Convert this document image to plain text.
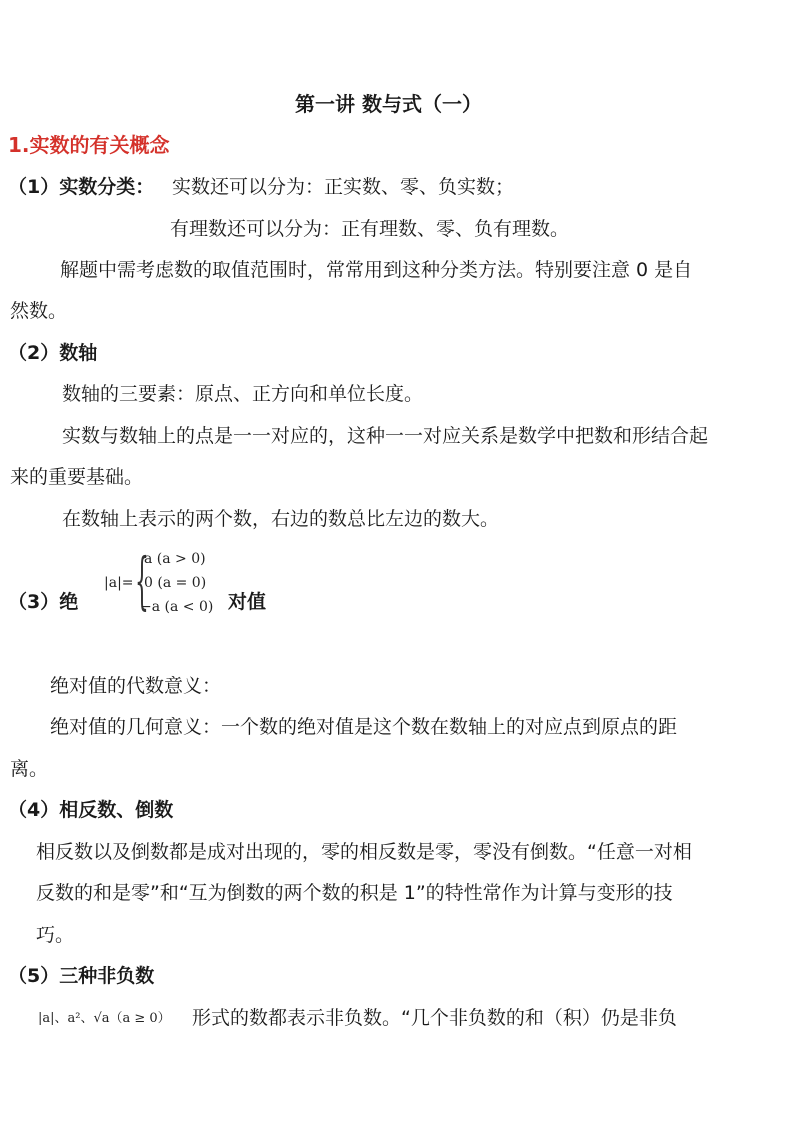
第一讲 数与式（一）
1.实数的有关概念
（1）实数分类： 实数还可以分为：正实数、零、负实数；
有理数还可以分为：正有理数、零、负有理数。
解题中需考虑数的取值范围时，常常用到这种分类方法。特别要注意 0 是自
然数。
（2）数轴
数轴的三要素：原点、正方向和单位长度。
实数与数轴上的点是一一对应的，这种一一对应关系是数学中把数和形结合起
来的重要基础。
在数轴上表示的两个数，右边的数总比左边的数大。
（3）绝
|a|= {
a (a > 0)
0 (a = 0)
−a (a < 0) 对值
绝对值的代数意义：
绝对值的几何意义：一个数的绝对值是这个数在数轴上的对应点到原点的距
离。
（4）相反数、倒数
相反数以及倒数都是成对出现的，零的相反数是零，零没有倒数。“任意一对相
反数的和是零”和“互为倒数的两个数的积是 1”的特性常作为计算与变形的技
巧。
（5）三种非负数
|a|、a²、√a（a ≥ 0） 形式的数都表示非负数。“几个非负数的和（积）仍是非负
